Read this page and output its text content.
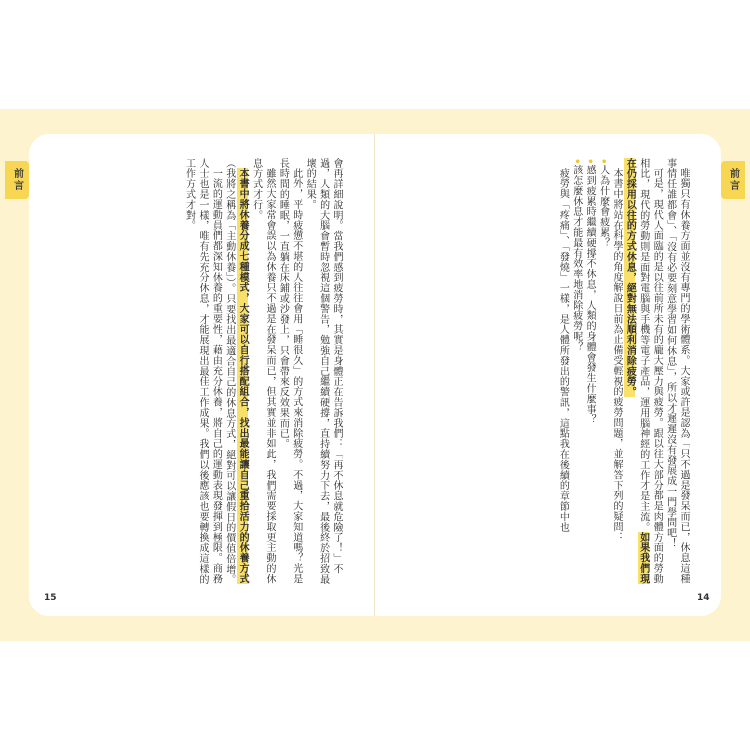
前言	前言

唯獨只有休養方面並沒有專門的學術體系。大家或許是認為「只不過是發呆而已，休息這種事情任誰都會」、「沒有必要刻意學習如何休息」，所以才遲遲沒有發展成一門學問吧！

可是，現代人面臨的是以往前所未有的龐大壓力與疲勞。跟以往大部分都是肉體方面的勞動相比，現代的勞動則是面對電腦與手機等電子產品，運用腦神經的工作才是主流。如果我們現在仍採用以往的方式休息，絕對無法順利消除疲勞。

本書中將站在科學的角度解說日前為止備受輕視的疲勞問題，並解答下列的疑問：

•人為什麼會疲累？
•感到疲累時繼續硬撐不休息，人類的身體會發生什麼事？
•該怎麼休息才能最有效率地消除疲勞呢？

疲勞與「疼痛」、「發燒」一樣，是人體所發出的警訊，這點我在後續的章節中也

會再詳細說明。當我們感到疲勞時，其實是身體正在告訴我們：「再不休息就危險了！」不過，人類的大腦會暫時忽視這個警告，勉強自己繼續硬撐，直持續努力下去，最後終於招致最壞的結果。

此外，平時疲憊不堪的人往往會用「睡很久」的方式來消除疲勞。不過，大家知道嗎？光是長時間的睡眠，一直躺在床鋪或沙發上，只會帶來反效果而已。

雖然大家常會誤以為休養只不過是在發呆而已，但其實並非如此，我們需要採取更主動的休息方式才行。

本書中將休養分成七種模式，大家可以自行搭配組合，找出最能讓自己重拾活力的休養方式（我將之稱為「主動休養」）。只要找出最適合自己的休息方式，絕對可以讓假日的價值倍增。

一流的運動員們都深知休養的重要性，藉由充分休養，將自己的運動表現發揮到極限。商務人士也是一樣，唯有先充分休息，才能展現出最佳工作成果。我們以後應該也要轉換成這樣的工作方式才對。

15	14
